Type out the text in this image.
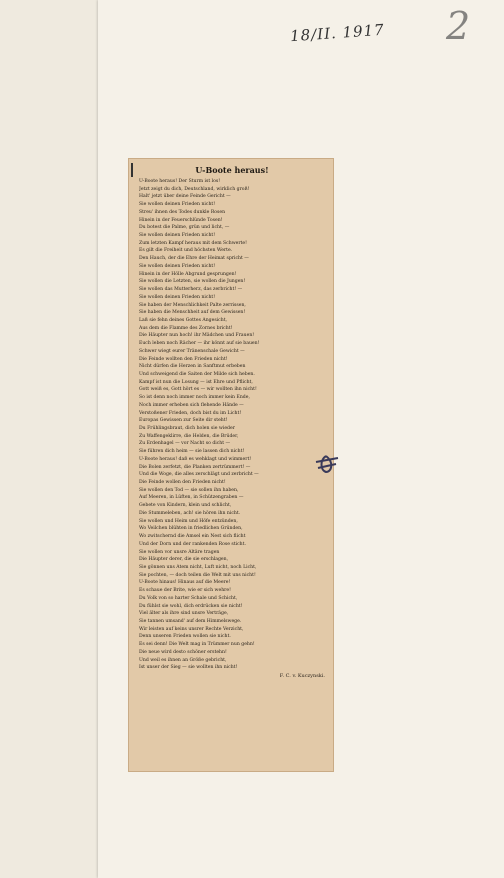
18/II. 1917 2
U-Boote heraus!
U-Boote heraus! Der Sturm ist los!
Jetzt zeigt du dich, Deutschland, wirklich groß!
Halt' jetzt über deine Feinde Gericht —
Sie wollen deinen Frieden nicht!
Streu' ihnen des Todes dunkle Rosen
Hinein in der Feuerschlünde Tosen!
Du botest die Palme, grün und licht, —
Sie wollen deinen Frieden nicht!
Zum letzten Kampf heraus mit dem Schwerte!
Es gilt die Freiheit und höchsten Werte.
Den Hauch, der die Ehre der Heimat spricht —
Sie wollen deinen Frieden nicht!
Hinein in der Hölle Abgrund gesprungen!
Sie wollen die Letzten, sie wollen die Jungen!
Sie wollen das Mutterherz, das zerbricht! —
Sie wollen deinen Frieden nicht!
Sie haben der Menschlichkeit Palte zerrissen,
Sie haben die Menschheit auf dem Gewissen!
Laß sie fehn deines Gottes Angesicht,
Aus dem die Flamme des Zornes bricht!
Die Häupter nun hoch! ihr Mädchen und Frauen!
Euch leben noch Rächer — ihr könnt auf sie bauen!
Schwer wiegt eurer Tränenschale Gewicht —
Die Feinde wollten den Frieden nicht!
Nicht dürfen die Herzen in Sanftmut erbeben
Und schweigend die Saiten der Milde sich heben.
Kampf ist nun die Losung — ist Ehre und Pflicht,
Gott weiß es, Gott hört es — wir wollten ihn nicht!
So ist denn noch immer noch immer kein Ende,
Noch immer erheben sich flehende Hände —
Verstoßener Frieden, doch bist du im Licht!
Europas Gewissen zur Seite dir steht!
Du Frühlingsbraut, dich holen sie wieder
Zu Waffengeklirre, die Helden, die Brüder,
Zu Erdenhagel — vor Nacht so dicht —
Sie führen dich heim — sie lassen dich nicht!
U-Boote heraus! daß es wehklagt und wimmert!
Die Bolen zerfetzt, die Planken zertrümmert! —
Und die Woge, die alles zerschlägt und zerbricht —
Die Feinde wollen den Frieden nicht!
Sie wollen den Tod — sie sollen ihn haben,
Auf Meeren, in Lüften, in Schützengraben —
Gebete von Kindern, klein und schlicht,
Die Stummeleben, ach! sie hören ihn nicht.
Sie wollen und Heim und Höfe entzünden,
Wo Veilchen blühten in friedlichen Gründen,
Wo zwitschernd die Amsel ein Nest sich flicht
Und der Dorn und der rankenden Rose sticht.
Sie wollen vor unsre Altäre tragen
Die Häupter derer, die sie erschlagen,
Sie gönnen uns Atem nicht, Luft nicht, noch Licht,
Sie pochten, — doch teilen die Welt mit uns nicht!
U-Boote hinaus! Hinaus auf die Meere!
Es schaue der Brite, wie er sich wehre!
Du Volk von so harter Schale und Schicht,
Du fühlst sie wohl, dich erdrücken sie nicht!
Viel älter als ihre sind unsre Verträge,
Sie tannen umsand' auf dem Himmelswege.
Wir leisten auf keins unsrer Rechte Verzicht,
Denn unseren Frieden wollen sie nicht.
Es sei denn! Die Welt mag in Trümmer nun gehn!
Die neue wird desto schöner erstehn!
Und weil es ihnen an Größe gebricht,
Ist unser der Sieg — sie wollten ihn nicht!
F. C. v. Kuczynski.
